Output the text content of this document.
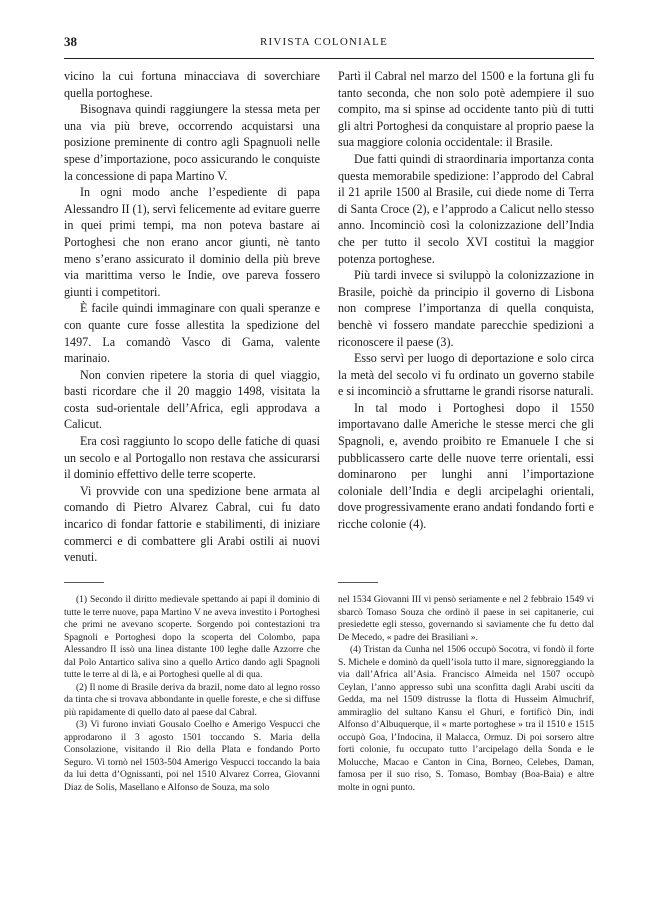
38	RIVISTA COLONIALE

vicino la cui fortuna minacciava di soverchiare quella portoghese.

Bisognava quindi raggiungere la stessa meta per una via più breve, occorrendo acquistarsi una posizione preminente di contro agli Spagnuoli nelle spese d’importazione, poco assicurando le conquiste la concessione di papa Martino V.

In ogni modo anche l’espediente di papa Alessandro II (1), servì felicemente ad evitare guerre in quei primi tempi, ma non poteva bastare ai Portoghesi che non erano ancor giunti, nè tanto meno s’erano assicurato il dominio della più breve via marittima verso le Indie, ove pareva fossero giunti i competitori.

È facile quindi immaginare con quali speranze e con quante cure fosse allestita la spedizione del 1497. La comandò Vasco di Gama, valente marinaio.

Non convien ripetere la storia di quel viaggio, basti ricordare che il 20 maggio 1498, visitata la costa sud-orientale dell’Africa, egli approdava a Calicut.

Era così raggiunto lo scopo delle fatiche di quasi un secolo e al Portogallo non restava che assicurarsi il dominio effettivo delle terre scoperte.

Vi provvide con una spedizione bene armata al comando di Pietro Alvarez Cabral, cui fu dato incarico di fondar fattorie e stabilimenti, di iniziare commerci e di combattere gli Arabi ostili ai nuovi venuti.

Partì il Cabral nel marzo del 1500 e la fortuna gli fu tanto seconda, che non solo potè adempiere il suo compito, ma si spinse ad occidente tanto più di tutti gli altri Portoghesi da conquistare al proprio paese la sua maggiore colonia occidentale: il Brasile.

Due fatti quindi di straordinaria importanza conta questa memorabile spedizione: l’approdo del Cabral il 21 aprile 1500 al Brasile, cui diede nome di Terra di Santa Croce (2), e l’approdo a Calicut nello stesso anno. Incominciò così la colonizzazione dell’India che per tutto il secolo XVI costituì la maggior potenza portoghese.

Più tardi invece si sviluppò la colonizzazione in Brasile, poichè da principio il governo di Lisbona non comprese l’importanza di quella conquista, benchè vi fossero mandate parecchie spedizioni a riconoscere il paese (3).

Esso servì per luogo di deportazione e solo circa la metà del secolo vi fu ordinato un governo stabile e si incominciò a sfruttarne le grandi risorse naturali.

In tal modo i Portoghesi dopo il 1550 importavano dalle Americhe le stesse merci che gli Spagnoli, e, avendo proibito re Emanuele I che si pubblicassero carte delle nuove terre orientali, essi dominarono per lunghi anni l’importazione coloniale dell’India e degli arcipelaghi orientali, dove progressivamente erano andati fondando forti e ricche colonie (4).

(1) Secondo il diritto medievale spettando ai papi il dominio di tutte le terre nuove, papa Martino V ne aveva investito i Portoghesi che primi ne avevano scoperte. Sorgendo poi contestazioni tra Spagnoli e Portoghesi dopo la scoperta del Colombo, papa Alessandro II issò una linea distante 100 leghe dalle Azzorre che dal Polo Antartico saliva sino a quello Artico dando agli Spagnoli tutte le terre al di là, e ai Portoghesi quelle al di qua.

(2) Il nome di Brasile deriva da brazil, nome dato al legno rosso da tinta che si trovava abbondante in quelle foreste, e che si diffuse più rapidamente di quello dato al paese dal Cabral.

(3) Vi furono inviati Gousalo Coelho e Amerigo Vespucci che approdarono il 3 agosto 1501 toccando S. Maria della Consolazione, visitando il Rio della Plata e fondando Porto Seguro. Vi tornò nel 1503-504 Amerigo Vespucci toccando la baia da lui detta d’Ognissanti, poi nel 1510 Alvarez Correa, Giovanni Diaz de Solis, Masellano e Alfonso de Souza, ma solo

nel 1534 Giovanni III vi pensò seriamente e nel 2 febbraio 1549 vi sbarcò Tomaso Souza che ordinò il paese in sei capitanerie, cui presiedette egli stesso, governando sì saviamente che fu detto dal De Mecedo, « padre dei Brasiliani ».

(4) Tristan da Cunha nel 1506 occupò Socotra, vi fondò il forte S. Michele e dominò da quell’isola tutto il mare, signoreggiando la via dall’Africa all’Asia. Francisco Almeida nel 1507 occupò Ceylan, l’anno appresso subì una sconfitta dagli Arabi usciti da Gedda, ma nel 1509 distrusse la flotta di Husseim Almuchrif, ammiraglio del sultano Kansu el Ghuri, e fortificò Din, indi Alfonso d’Albuquerque, il « marte portoghese » tra il 1510 e 1515 occupò Goa, l’Indocina, il Malacca, Ormuz. Di poi sorsero altre forti colonie, fu occupato tutto l’arcipelago della Sonda e le Molucche, Macao e Canton in Cina, Borneo, Celebes, Daman, famosa per il suo riso, S. Tomaso, Bombay (Boa-Baia) e altre molte in ogni punto.
